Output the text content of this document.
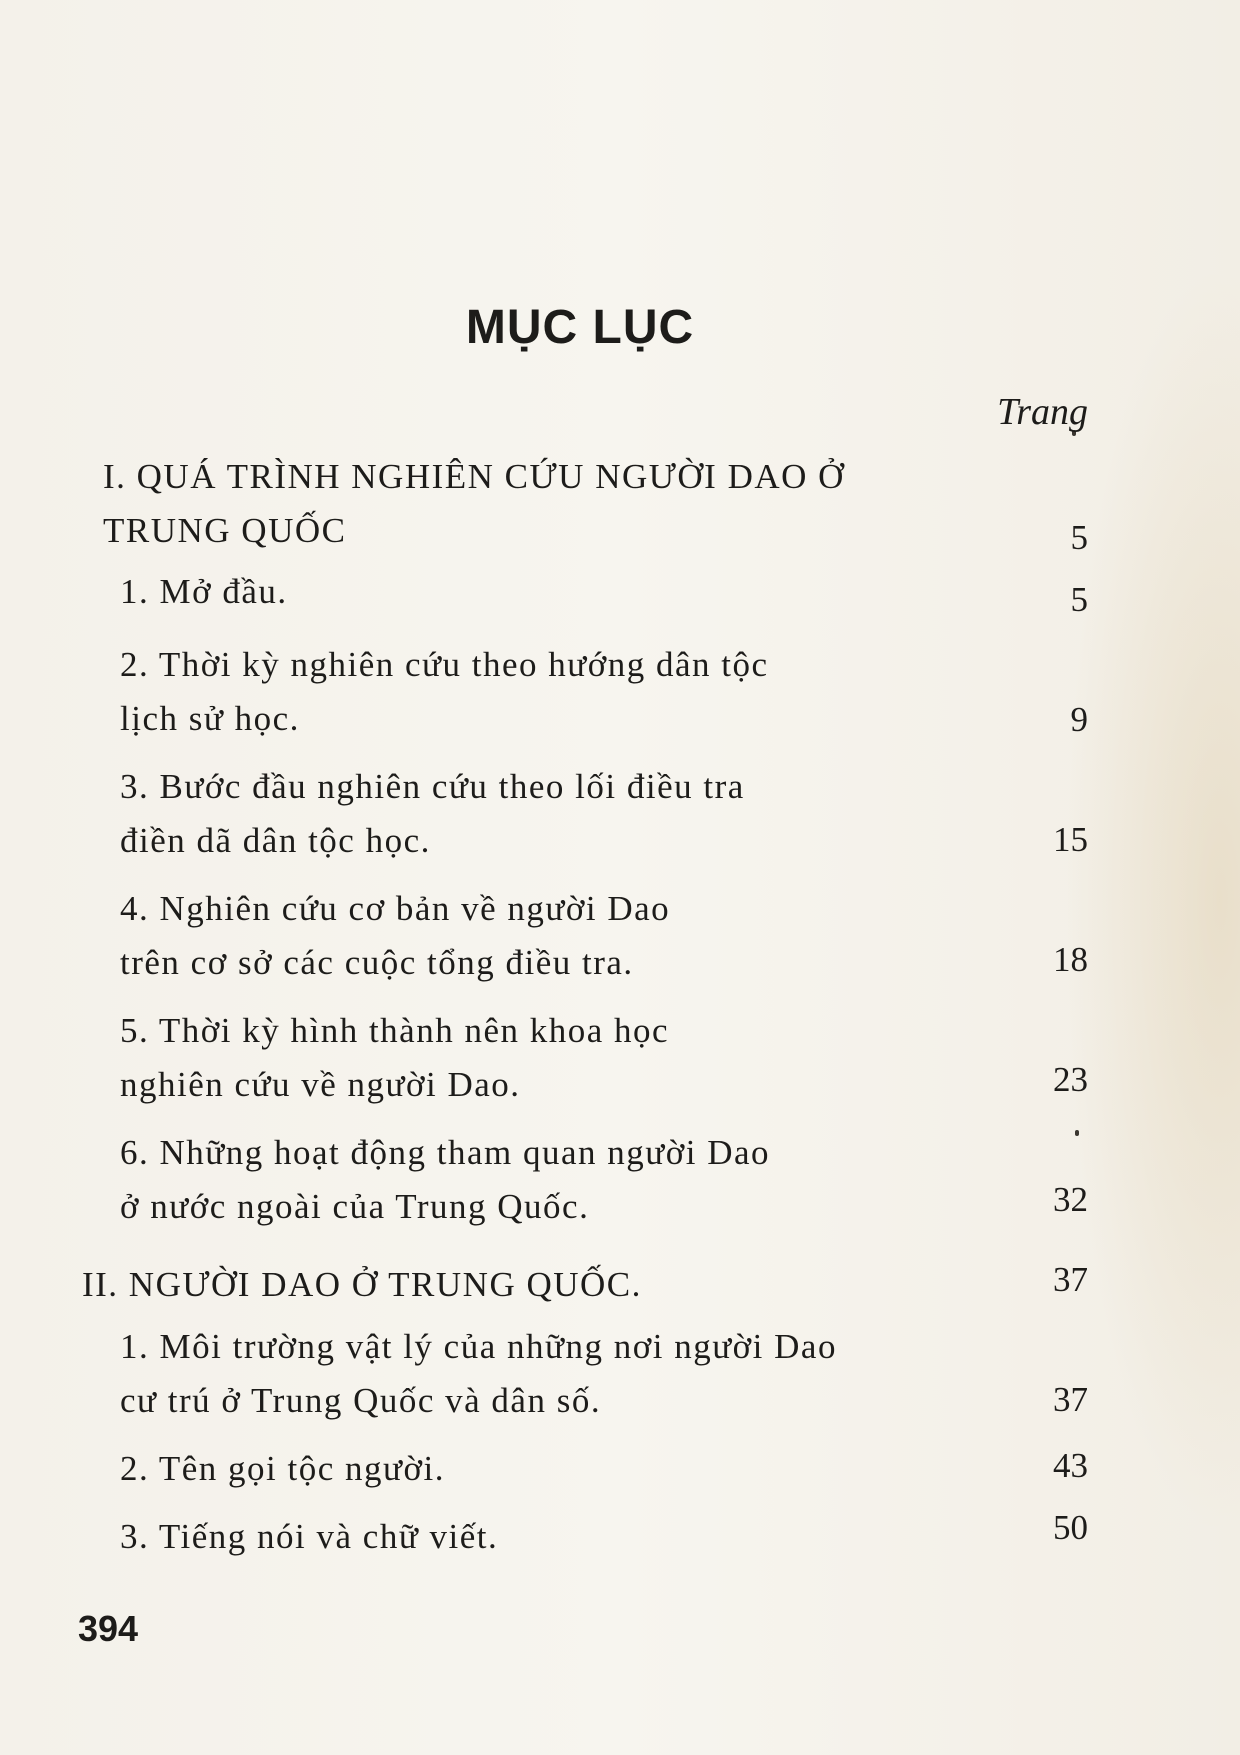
MỤC LỤC
Trang
I. QUÁ TRÌNH NGHIÊN CỨU NGƯỜI DAO Ở
TRUNG QUỐC	5
1. Mở đầu.	5
2. Thời kỳ nghiên cứu theo hướng dân tộc
lịch sử học.	9
3. Bước đầu nghiên cứu theo lối điều tra
điền dã dân tộc học.	15
4. Nghiên cứu cơ bản về người Dao
trên cơ sở các cuộc tổng điều tra.	18
5. Thời kỳ hình thành nên khoa học
nghiên cứu về người Dao.	23
6. Những hoạt động tham quan người Dao
ở nước ngoài của Trung Quốc.	32
II. NGƯỜI DAO Ở TRUNG QUỐC.	37
1. Môi trường vật lý của những nơi người Dao
cư trú ở Trung Quốc và dân số.	37
2. Tên gọi tộc người.	43
3. Tiếng nói và chữ viết.	50
394
